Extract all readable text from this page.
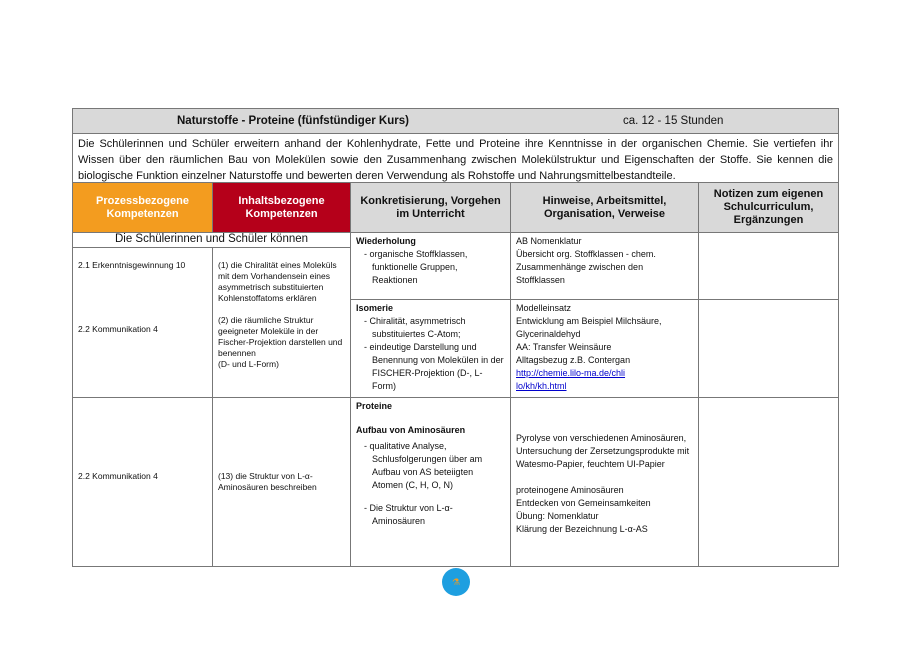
Naturstoffe - Proteine (fünfstündiger Kurs)	ca. 12 - 15 Stunden
Die Schülerinnen und Schüler erweitern anhand der Kohlenhydrate, Fette und Proteine ihre Kenntnisse in der organischen Chemie. Sie vertiefen ihr Wissen über den räumlichen Bau von Molekülen sowie den Zusammenhang zwischen Molekülstruktur und Eigenschaften der Stoffe. Sie kennen die biologische Funktion einzelner Naturstoffe und bewerten deren Verwendung als Rohstoffe und Nahrungsmittelbestandteile.
Prozessbezogene Kompetenzen
Inhaltsbezogene Kompetenzen
Konkretisierung, Vorgehen im Unterricht
Hinweise, Arbeitsmittel, Organisation, Verweise
Notizen zum eigenen Schulcurriculum, Ergänzungen
Die Schülerinnen und Schüler können
2.1 Erkenntnisgewinnung 10
2.2 Kommunikation 4
(1) die Chiralität eines Moleküls mit dem Vorhandensein eines asymmetrisch substituierten Kohlenstoffatoms erklären
(2) die räumliche Struktur geeigneter Moleküle in der Fischer-Projektion darstellen und benennen
(D- und L-Form)
Wiederholung
- organische Stoffklassen, funktionelle Gruppen, Reaktionen
AB Nomenklatur
Übersicht org. Stoffklassen - chem. Zusammenhänge zwischen den Stoffklassen
Isomerie
- Chiralität, asymmetrisch substituiertes C-Atom;
- eindeutige Darstellung und Benennung von Molekülen in der FISCHER-Projektion (D-, L-Form)
Modelleinsatz
Entwicklung am Beispiel Milchsäure, Glycerinaldehyd
AA: Transfer Weinsäure
Alltagsbezug z.B. Contergan
http://chemie.lilo-ma.de/chlilo/kh/kh.html
2.2 Kommunikation 4	(13) die Struktur von L-α-Aminosäuren beschreiben
Proteine
Aufbau von Aminosäuren
- qualitative Analyse, Schlusfolgerungen über am Aufbau von AS beteiigten Atomen (C, H, O, N)
- Die Struktur von L-α-Aminosäuren
Pyrolyse von verschiedenen Aminosäuren, Untersuchung der Zersetzungsprodukte mit Watesmo-Papier, feuchtem UI-Papier
proteinogene Aminosäuren
Entdecken von Gemeinsamkeiten
Übung: Nomenklatur
Klärung der Bezeichnung L-α-AS
⚗
